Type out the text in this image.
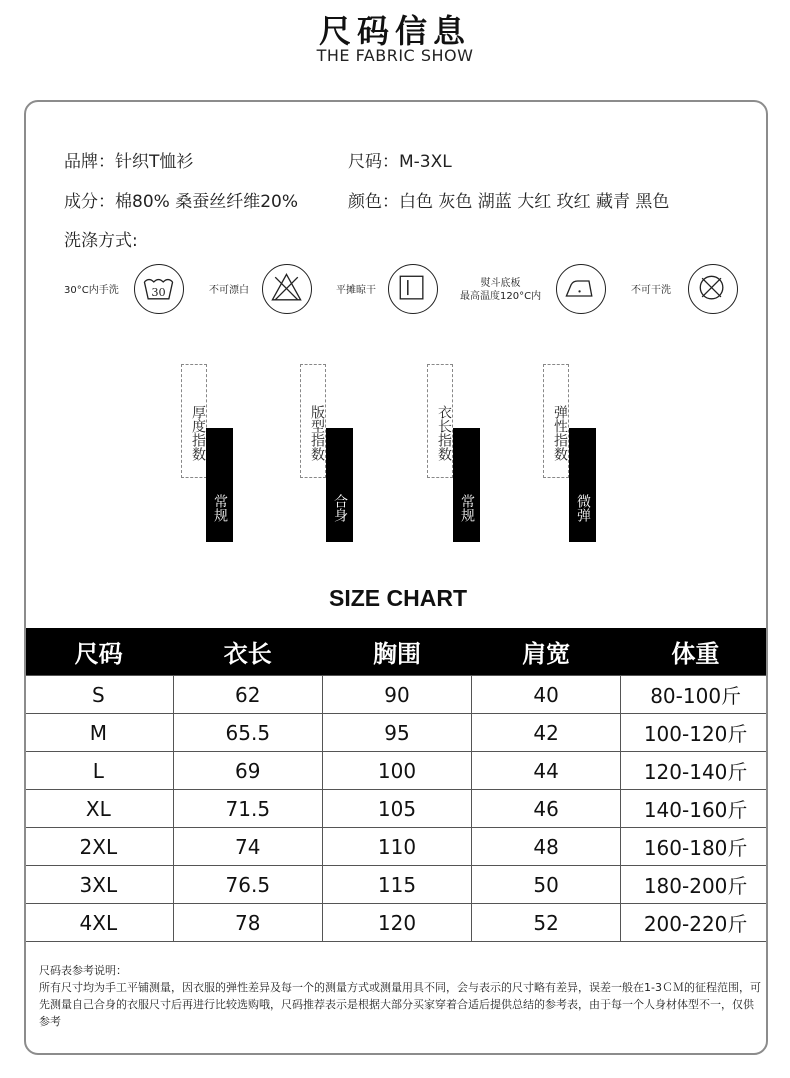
尺码信息
THE FABRIC SHOW
品牌：针织T恤衫	尺码：M-3XL
成分：棉80% 桑蚕丝纤维20%	颜色：白色 灰色 湖蓝 大红 玫红 藏青 黑色
洗涤方式:
30°C内手洗	30	不可漂白	平摊晾干
熨斗底板
最高温度120°C内
不可干洗
厚度指数
常规
版型指数
合身
衣长指数
常规
弹性指数
微弹
SIZE CHART
尺码	衣长	胸围	肩宽	体重
S	62	90	40	80-100斤
M	65.5	95	42	100-120斤
L	69	100	44	120-140斤
XL	71.5	105	46	140-160斤
2XL	74	110	48	160-180斤
3XL	76.5	115	50	180-200斤
4XL	78	120	52	200-220斤
尺码表参考说明：
所有尺寸均为手工平铺测量，因衣服的弹性差异及每一个的测量方式或测量用具不同，会与表示的尺寸略有差异，误差一般在1-3ＣＭ的征程范围，可先测量自己合身的衣服尺寸后再进行比较选购哦，尺码推荐表示是根据大部分买家穿着合适后提供总结的参考表，由于每一个人身材体型不一，仅供参考
